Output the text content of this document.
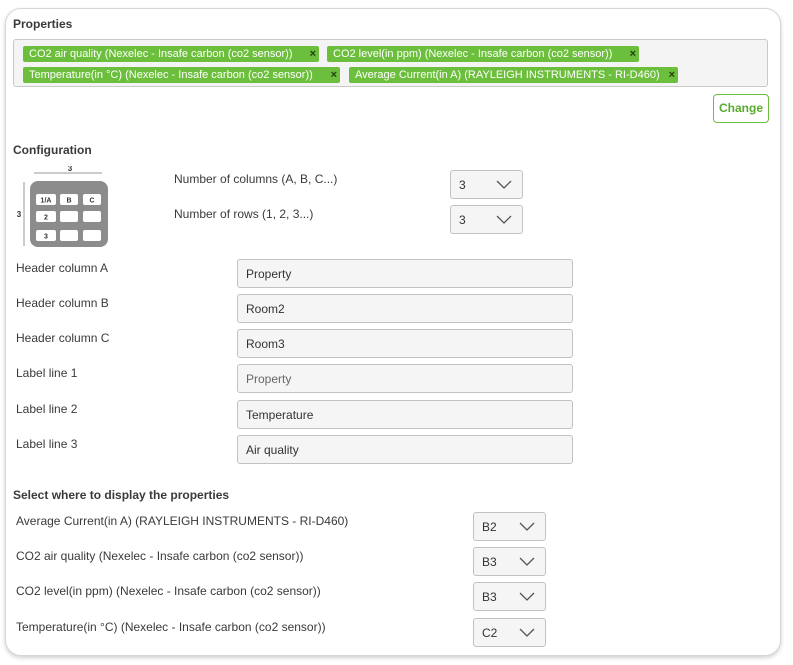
Properties
CO2 air quality (Nexelec - Insafe carbon (co2 sensor)) ×	CO2 level(in ppm) (Nexelec - Insafe carbon (co2 sensor)) ×
Temperature(in °C) (Nexelec - Insafe carbon (co2 sensor)) ×	Average Current(in A) (RAYLEIGH INSTRUMENTS - RI-D460) ×
Change
Configuration
3
3
1/A B	C
2
3
Number of columns (A, B, C...)	3
Number of rows (1, 2, 3...)	3
Header column A
Property
Header column B
Room2
Header column C
Room3
Label line 1
Property
Label line 2
Temperature
Label line 3
Air quality
Select where to display the properties
Average Current(in A) (RAYLEIGH INSTRUMENTS - RI-D460)	B2
CO2 air quality (Nexelec - Insafe carbon (co2 sensor))	B3
CO2 level(in ppm) (Nexelec - Insafe carbon (co2 sensor))	B3
Temperature(in °C) (Nexelec - Insafe carbon (co2 sensor))	C2
